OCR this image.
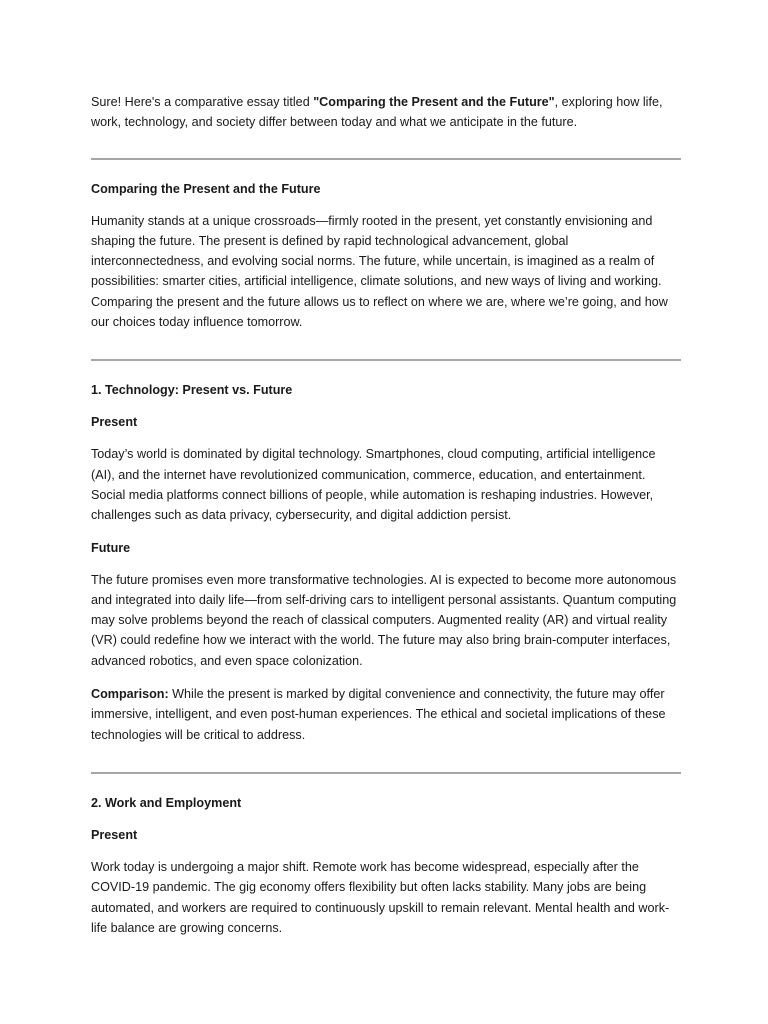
Sure! Here's a comparative essay titled "Comparing the Present and the Future", exploring how life, work, technology, and society differ between today and what we anticipate in the future.

Comparing the Present and the Future

Humanity stands at a unique crossroads—firmly rooted in the present, yet constantly envisioning and shaping the future. The present is defined by rapid technological advancement, global interconnectedness, and evolving social norms. The future, while uncertain, is imagined as a realm of possibilities: smarter cities, artificial intelligence, climate solutions, and new ways of living and working. Comparing the present and the future allows us to reflect on where we are, where we’re going, and how our choices today influence tomorrow.

1. Technology: Present vs. Future

Present

Today’s world is dominated by digital technology. Smartphones, cloud computing, artificial intelligence (AI), and the internet have revolutionized communication, commerce, education, and entertainment. Social media platforms connect billions of people, while automation is reshaping industries. However, challenges such as data privacy, cybersecurity, and digital addiction persist.

Future

The future promises even more transformative technologies. AI is expected to become more autonomous and integrated into daily life—from self-driving cars to intelligent personal assistants. Quantum computing may solve problems beyond the reach of classical computers. Augmented reality (AR) and virtual reality (VR) could redefine how we interact with the world. The future may also bring brain-computer interfaces, advanced robotics, and even space colonization.

Comparison: While the present is marked by digital convenience and connectivity, the future may offer immersive, intelligent, and even post-human experiences. The ethical and societal implications of these technologies will be critical to address.

2. Work and Employment

Present

Work today is undergoing a major shift. Remote work has become widespread, especially after the COVID-19 pandemic. The gig economy offers flexibility but often lacks stability. Many jobs are being automated, and workers are required to continuously upskill to remain relevant. Mental health and work-life balance are growing concerns.
